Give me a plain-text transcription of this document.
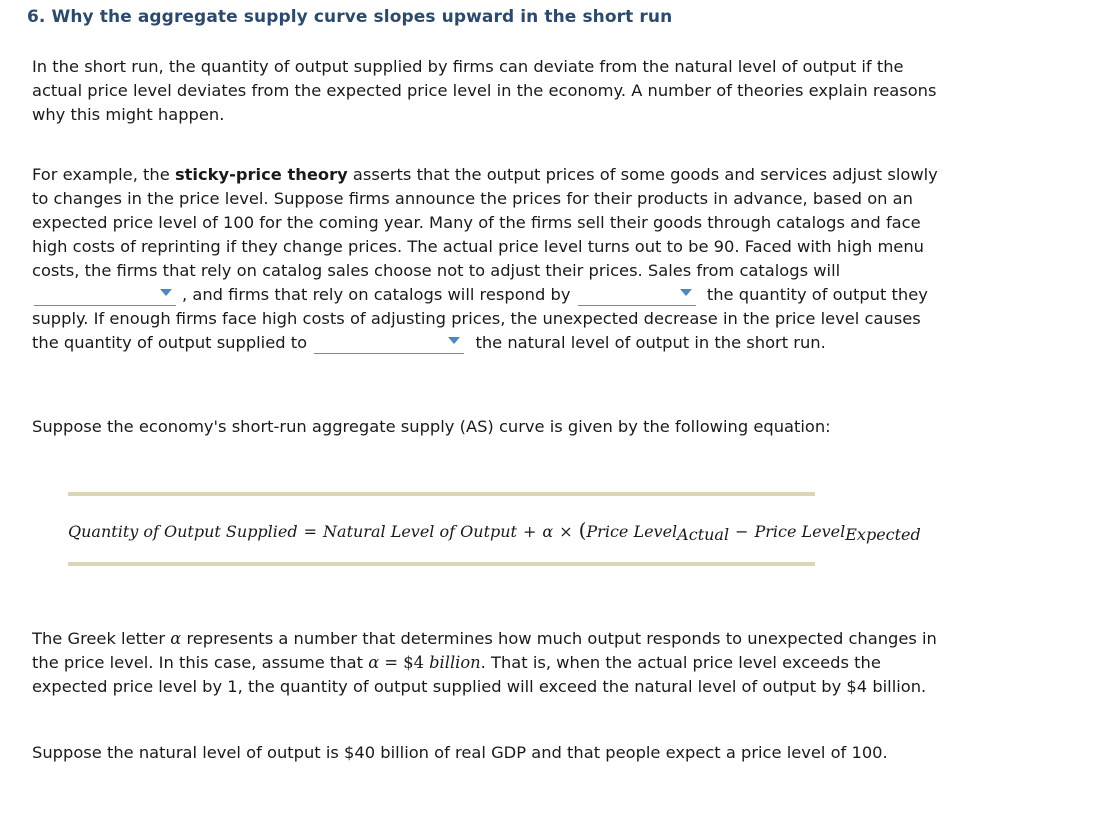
6. Why the aggregate supply curve slopes upward in the short run

In the short run, the quantity of output supplied by firms can deviate from the natural level of output if the actual price level deviates from the expected price level in the economy. A number of theories explain reasons why this might happen.

For example, the sticky-price theory asserts that the output prices of some goods and services adjust slowly to changes in the price level. Suppose firms announce the prices for their products in advance, based on an expected price level of 100 for the coming year. Many of the firms sell their goods through catalogs and face high costs of reprinting if they change prices. The actual price level turns out to be 90. Faced with high menu costs, the firms that rely on catalog sales choose not to adjust their prices. Sales from catalogs will
, and firms that rely on catalogs will respond by	the quantity of output they supply. If enough firms face high costs of adjusting prices, the unexpected decrease in the price level causes the quantity of output supplied to	the natural level of output in the short run.

Suppose the economy's short-run aggregate supply (AS) curve is given by the following equation:

Quantity of Output Supplied = Natural Level of Output + α × (Price Level$_{Actual}$ − Price Level$_{Expected}$

The Greek letter α represents a number that determines how much output responds to unexpected changes in the price level. In this case, assume that α = $4 billion. That is, when the actual price level exceeds the expected price level by 1, the quantity of output supplied will exceed the natural level of output by $4 billion.

Suppose the natural level of output is $40 billion of real GDP and that people expect a price level of 100.
